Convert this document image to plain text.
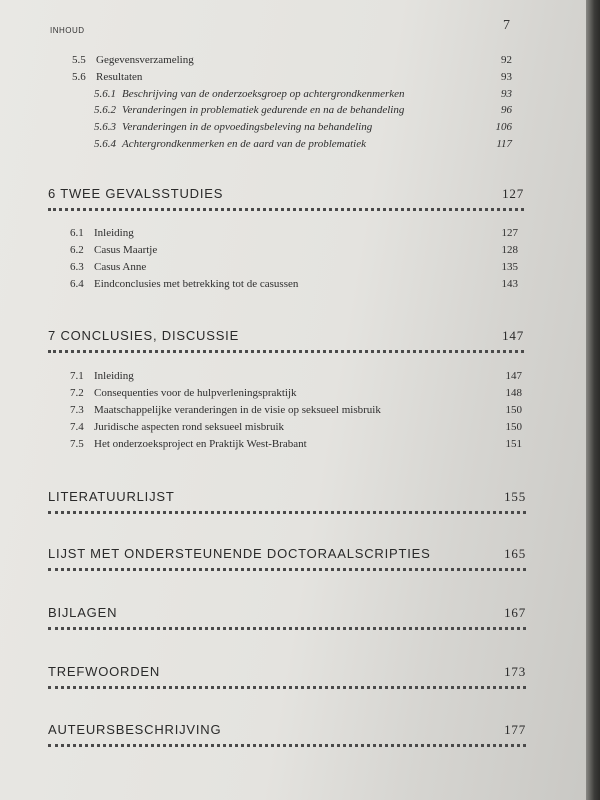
INHOUD	7
5.5 Gegevensverzameling	92
5.6 Resultaten	93
5.6.1 Beschrijving van de onderzoeksgroep op achtergrondkenmerken	93
5.6.2 Veranderingen in problematiek gedurende en na de behandeling	96
5.6.3 Veranderingen in de opvoedingsbeleving na behandeling	106
5.6.4 Achtergrondkenmerken en de aard van de problematiek	117
6 TWEE GEVALSSTUDIES	127
6.1 Inleiding	127
6.2 Casus Maartje	128
6.3 Casus Anne	135
6.4 Eindconclusies met betrekking tot de casussen	143
7 CONCLUSIES, DISCUSSIE	147
7.1 Inleiding	147
7.2 Consequenties voor de hulpverleningspraktijk	148
7.3 Maatschappelijke veranderingen in de visie op seksueel misbruik	150
7.4 Juridische aspecten rond seksueel misbruik	150
7.5 Het onderzoeksproject en Praktijk West-Brabant	151
LITERATUURLIJST	155
LIJST MET ONDERSTEUNENDE DOCTORAALSCRIPTIES	165
BIJLAGEN	167
TREFWOORDEN	173
AUTEURSBESCHRIJVING	177
